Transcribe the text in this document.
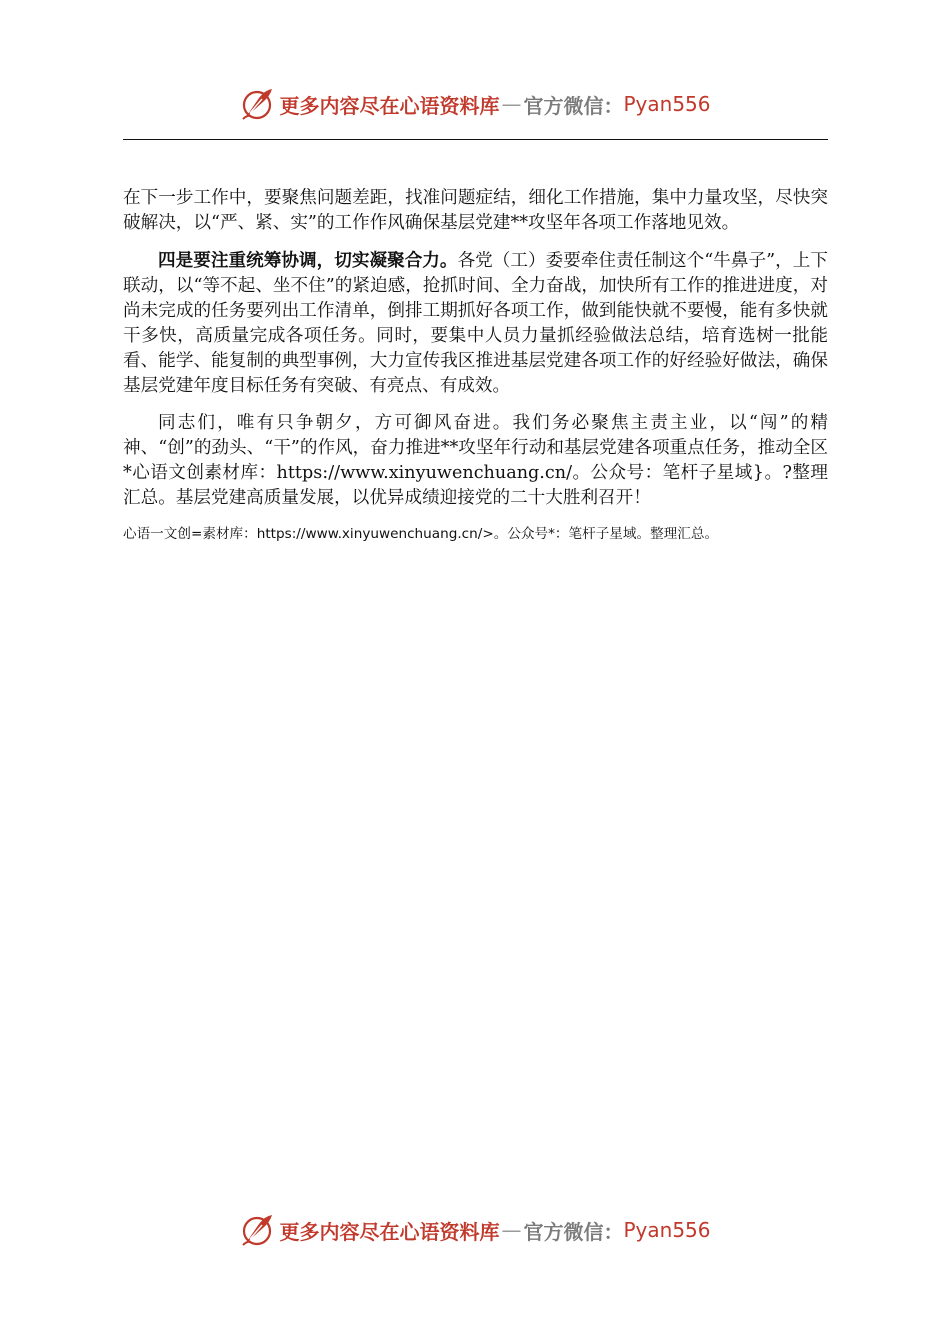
更多内容尽在心语资料库 — 官方微信： Pyan556

在下一步工作中，要聚焦问题差距，找准问题症结，细化工作措施，集中力量攻坚，尽快突破解决，以“严、紧、实”的工作作风确保基层党建**攻坚年各项工作落地见效。

四是要注重统筹协调，切实凝聚合力。各党（工）委要牵住责任制这个“牛鼻子”，上下联动，以“等不起、坐不住”的紧迫感，抢抓时间、全力奋战，加快所有工作的推进进度，对尚未完成的任务要列出工作清单，倒排工期抓好各项工作，做到能快就不要慢，能有多快就干多快，高质量完成各项任务。同时，要集中人员力量抓经验做法总结，培育选树一批能看、能学、能复制的典型事例，大力宣传我区推进基层党建各项工作的好经验好做法，确保基层党建年度目标任务有突破、有亮点、有成效。

同志们，唯有只争朝夕，方可御风奋进。我们务必聚焦主责主业，以“闯”的精神、“创”的劲头、“干”的作风，奋力推进**攻坚年行动和基层党建各项重点任务，推动全区*心语文创素材库：https://www.xinyuwenchuang.cn/。公众号：笔杆子星域}。?整理汇总。基层党建高质量发展，以优异成绩迎接党的二十大胜利召开！

心语一文创=素材库：https://www.xinyuwenchuang.cn/>。公众号*：笔杆子星域。整理汇总。
更多内容尽在心语资料库 — 官方微信： Pyan556
